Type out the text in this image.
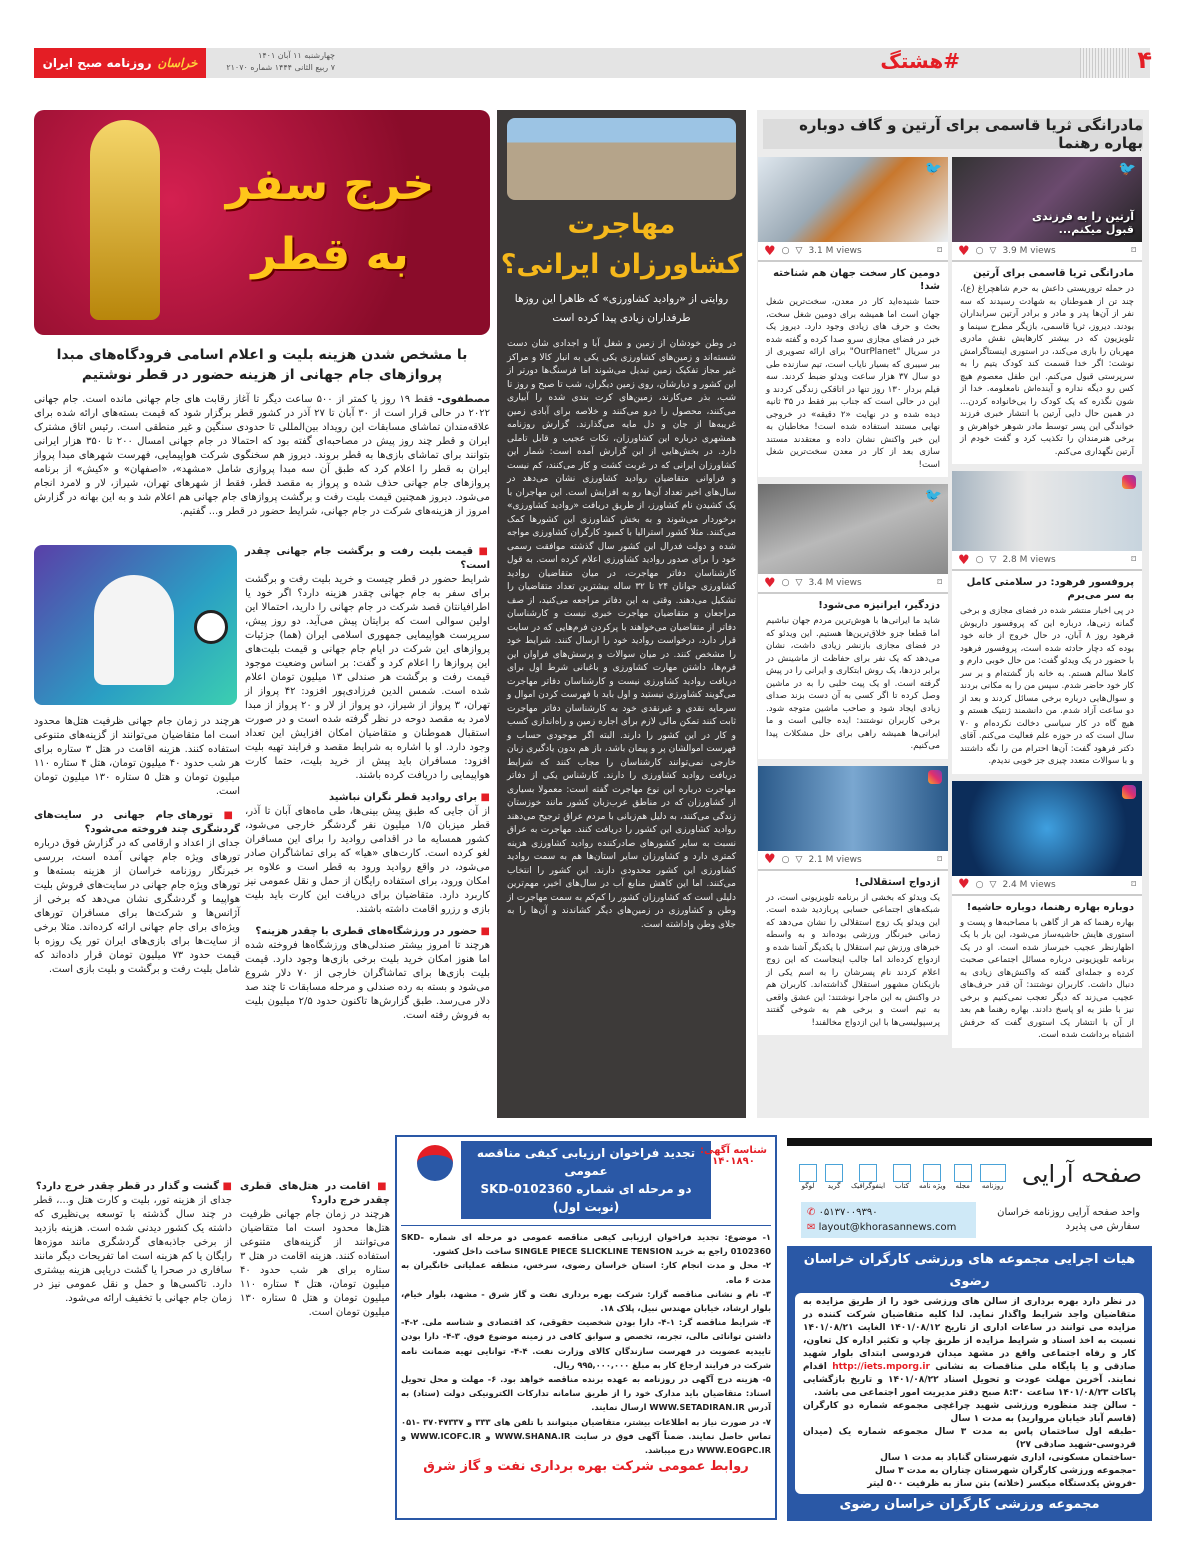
۴
#هشتگ
چهارشنبه ۱۱ آبان ۱۴۰۱
۷ ربیع الثانی ۱۴۴۴ شماره ۲۱۰۷۰
خراسان
روزنامه صبح ایران
مادرانگی ثریا قاسمی برای آرتین و گاف دوباره بهاره رهنما
🐦
آرتین را به فرزندی قبول میکنم...
♥ ○ ▽ 3.9 M views	⌑
مادرانگی ثریا قاسمی برای آرتین

در حمله تروریستی داعش به حرم شاهچراغ (ع)، چند تن از هموطنان به شهادت رسیدند که سه نفر از آن‌ها پدر و مادر و برادر آرتین سرابداران بودند. دیروز، ثریا قاسمی، بازیگر مطرح سینما و تلویزیون که در بیشتر کارهایش نقش مادری مهربان را بازی می‌کند، در استوری اینستاگرامش نوشت: اگر خدا قسمت کند کودک یتیم را به سرپرستی قبول می‌کنم. این طفل معصوم هیچ کس رو دیگه نداره و آینده‌اش نامعلومه. خدا از شون نگذره که یک کودک را بی‌خانواده کردن... در همین حال دایی آرتین با انتشار خبری فرزند خواندگی این پسر توسط مادر شوهر خواهرش و برخی هنرمندان را تکذیب کرد و گفت خودم از آرتین نگهداری می‌کنم.

♥ ○ ▽ 2.8 M views	⌑
پروفسور فرهود: در سلامتی کامل به سر می‌برم

در پی اخبار منتشر شده در فضای مجازی و برخی گمانه زنی‌ها، درباره این که پروفسور داریوش فرهود روز ۸ آبان، در حال خروج از خانه خود بوده که دچار حادثه شده است، پروفسور فرهود با حضور در یک ویدئو گفت: من حال خوبی دارم و کاملا سالم هستم. به خانه باز گشته‌ام و بر سر کار خود حاضر شدم. سپس من را به مکانی بردند و سوال‌هایی درباره برخی مسائل کردند و بعد از دو ساعت آزاد شدم. من دانشمند ژنتیک هستم و هیچ گاه در کار سیاسی دخالت نکرده‌ام و ۷۰ سال است که در حوزه علم فعالیت می‌کنم. آقای دکتر فرهود گفت: آن‌ها احترام من را نگه داشتند و با سوالات متعدد چیزی جز خوبی ندیدم.

♥ ○ ▽ 2.4 M views	⌑
دوباره بهاره رهنما، دوباره حاشیه!

بهاره رهنما که هر از گاهی با مصاحبه‌ها و پست و استوری هایش حاشیه‌ساز می‌شود، این بار با یک اظهارنظر عجیب خبرساز شده است. او در یک برنامه تلویزیونی درباره مسائل اجتماعی صحبت کرده و جمله‌ای گفته که واکنش‌های زیادی به دنبال داشت. کاربران نوشتند: آن قدر حرف‌های عجیب می‌زند که دیگر تعجب نمی‌کنیم و برخی نیز با طنز به او پاسخ دادند. بهاره رهنما هم بعد از آن با انتشار یک استوری گفت که حرفش اشتباه برداشت شده است.

🐦
♥ ○ ▽ 3.1 M views	⌑
دومین کار سخت جهان هم شناخته شد!

حتما شنیده‌اید کار در معدن، سخت‌ترین شغل جهان است اما همیشه برای دومین شغل سخت، بحث و حرف های زیادی وجود دارد. دیروز یک خبر در فضای مجازی سرو صدا کرده و گفته شده در سریال "OurPlanet" برای ارائه تصویری از ببر سیبری که بسیار نایاب است، تیم سازنده طی دو سال ۳۷ هزار ساعت ویدئو ضبط کردند. سه فیلم بردار ۱۳۰ روز تنها در اتاقکی زندگی کردند و این در حالی است که جناب ببر فقط در ۳۵ ثانیه دیده شده و در نهایت «۲ دقیقه» در خروجی نهایی مستند استفاده شده است! مخاطبان به این خبر واکنش نشان داده و معتقدند مستند سازی بعد از کار در معدن سخت‌ترین شغل است!

🐦
♥ ○ ▽ 3.4 M views	⌑
دزدگیر، ایرانیزه می‌شود!

شاید ما ایرانی‌ها با هوش‌ترین مردم جهان نباشیم اما قطعا جزو خلاق‌ترین‌ها هستیم. این ویدئو که در فضای مجازی بازنشر زیادی داشت، نشان می‌دهد که یک نفر برای حفاظت از ماشینش در برابر دزدها، یک روش ابتکاری و ایرانی را در پیش گرفته است. او یک پیت حلبی را به در ماشین وصل کرده تا اگر کسی به آن دست بزند صدای زیادی ایجاد شود و صاحب ماشین متوجه شود. برخی کاربران نوشتند: ایده جالبی است و ما ایرانی‌ها همیشه راهی برای حل مشکلات پیدا می‌کنیم.

♥ ○ ▽ 2.1 M views	⌑
ازدواج استقلالی!

یک ویدئو که بخشی از برنامه تلویزیونی است، در شبکه‌های اجتماعی حسابی پربازدید شده است. این ویدئو یک زوج استقلالی را نشان می‌دهد که زمانی خبرنگار ورزشی بوده‌اند و به واسطه خبرهای ورزش تیم استقلال با یکدیگر آشنا شده و ازدواج کرده‌اند اما جالب اینجاست که این زوج اعلام کردند نام پسرشان را به اسم یکی از بازیکنان مشهور استقلال گذاشته‌اند. کاربران هم در واکنش به این ماجرا نوشتند: این عشق واقعی به تیم است و برخی هم به شوخی گفتند پرسپولیسی‌ها با این ازدواج مخالفند!

مهاجرت
کشاورزان ایرانی؟
روایتی از «روادید کشاورزی» که ظاهرا این روزها طرفداران زیادی پیدا کرده است
در وطن خودشان از زمین و شغل آبا و اجدادی شان دست شسته‌اند و زمین‌های کشاورزی یکی یکی به انبار کالا و مراکز غیر مجاز تفکیک زمین تبدیل می‌شوند اما فرسنگ‌ها دورتر از این کشور و دیارشان، روی زمین دیگران، شب تا صبح و روز تا شب، بذر می‌کارند، زمین‌های کرت بندی شده را آبیاری می‌کنند، محصول را درو می‌کنند و خلاصه برای آبادی زمین غریبه‌ها از جان و دل مایه می‌گذارند. گزارش روزنامه همشهری درباره این کشاورزان، نکات عجیب و قابل تاملی دارد. در بخش‌هایی از این گزارش آمده است: شمار این کشاورزان ایرانی که در غربت کشت و کار می‌کنند، کم نیست و فراوانی متقاضیان روادید کشاورزی نشان می‌دهد در سال‌های اخیر تعداد آن‌ها رو به افزایش است. این مهاجران با یک کشیدن نام کشاورز، از طریق دریافت «روادید کشاورزی» برخوردار می‌شوند و به بخش کشاورزی این کشورها کمک می‌کنند. مثلا کشور استرالیا با کمبود کارگران کشاورزی مواجه شده و دولت فدرال این کشور سال گذشته موافقت رسمی خود را برای صدور روادید کشاورزی اعلام کرده است. به قول کارشناسان دفاتر مهاجرت، در میان متقاضیان روادید کشاورزی جوانان ۲۴ تا ۳۲ ساله بیشترین تعداد متقاضیان را تشکیل می‌دهند. وقتی به این دفاتر مراجعه می‌کنید، از صف مراجعان و متقاضیان مهاجرت خبری نیست و کارشناسان دفاتر از متقاضیان می‌خواهند با پرکردن فرم‌هایی که در سایت قرار دارد، درخواست روادید خود را ارسال کنند. شرایط خود را مشخص کنند. در میان سوالات و پرسش‌های فراوان این فرم‌ها، داشتن مهارت کشاورزی و باغبانی شرط اول برای دریافت روادید کشاورزی نیست و کارشناسان دفاتر مهاجرت می‌گویند کشاورزی نیستید و اول باید با فهرست کردن اموال و سرمایه نقدی و غیرنقدی خود به کارشناسان دفاتر مهاجرت ثابت کنند تمکن مالی لازم برای اجاره زمین و راه‌اندازی کسب و کار در این کشور را دارند. البته اگر موجودی حساب و فهرست اموالشان پر و پیمان باشد، باز هم بدون یادگیری زبان خارجی نمی‌توانند کارشناسان را مجاب کنند که شرایط دریافت روادید کشاورزی را دارند. کارشناس یکی از دفاتر مهاجرت درباره این نوع مهاجرت گفته است: معمولا بسیاری از کشاورزان که در مناطق عرب‌زبان کشور مانند خوزستان زندگی می‌کنند، به دلیل هم‌زبانی با مردم عراق ترجیح می‌دهند روادید کشاورزی این کشور را دریافت کنند. مهاجرت به عراق نسبت به سایر کشورهای صادرکننده روادید کشاورزی هزینه کمتری دارد و کشاورزان سایر استان‌ها هم به سمت روادید کشاورزی این کشور محدودی دارند. این کشور را انتخاب می‌کنند. اما این کاهش منابع آب در سال‌های اخیر، مهم‌ترین دلیلی است که کشاورزان کشور را کم‌کم به سمت مهاجرت از وطن و کشاورزی در زمین‌های دیگر کشاندند و آن‌ها را به جلای وطن واداشته است.
خرج سفر
به قطر
با مشخص شدن هزینه بلیت و اعلام اسامی فرودگاه‌های مبدا پروازهای جام جهانی از هزینه حضور در قطر نوشتیم
مصطفوی- فقط ۱۹ روز یا کمتر از ۵۰۰ ساعت دیگر تا آغاز رقابت های جام جهانی مانده است. جام جهانی ۲۰۲۲ در حالی قرار است از ۳۰ آبان تا ۲۷ آذر در کشور قطر برگزار شود که قیمت بسته‌های ارائه شده برای علاقه‌مندان تماشای مسابقات این رویداد بین‌المللی تا حدودی سنگین و غیر منطقی است. رئیس اتاق مشترک ایران و قطر چند روز پیش در مصاحبه‌ای گفته بود که احتمالا در جام جهانی امسال ۲۰۰ تا ۳۵۰ هزار ایرانی بتوانند برای تماشای بازی‌ها به قطر بروند. دیروز هم سخنگوی شرکت هواپیمایی، فهرست شهرهای مبدا پرواز ایران به قطر را اعلام کرد که طبق آن سه مبدا پروازی شامل «مشهد»، «اصفهان» و «کیش» از برنامه پروازهای جام جهانی حذف شده و پرواز به مقصد قطر، فقط از شهرهای تهران، شیراز، لار و لامرد انجام می‌شود. دیروز همچنین قیمت بلیت رفت و برگشت پروازهای جام جهانی هم اعلام شد و به این بهانه در گزارش امروز از هزینه‌های شرکت در جام جهانی، شرایط حضور در قطر و... گفتیم.
■ قیمت بلیت رفت و برگشت جام جهانی چقدر است؟
شرایط حضور در قطر چیست و خرید بلیت رفت و برگشت برای سفر به جام جهانی چقدر هزینه دارد؟ اگر خود یا اطرافیانتان قصد شرکت در جام جهانی را دارید، احتمالا این اولین سوالی است که برایتان پیش می‌آید. دو روز پیش، سرپرست هواپیمایی جمهوری اسلامی ایران (هما) جزئیات پروازهای این شرکت در ایام جام جهانی و قیمت بلیت‌های این پروازها را اعلام کرد و گفت: بر اساس وضعیت موجود قیمت رفت و برگشت هر صندلی ۱۳ میلیون تومان اعلام شده است. شمس الدین فرزادی‌پور افزود: ۴۲ پرواز از تهران، ۳ پرواز از شیراز، دو پرواز از لار و ۲۰ پرواز از مبدا لامرد به مقصد دوحه در نظر گرفته شده است و در صورت استقبال هموطنان و متقاضیان امکان افزایش این تعداد وجود دارد. او با اشاره به شرایط مقصد و فرایند تهیه بلیت افزود: مسافران باید پیش از خرید بلیت، حتما کارت هواپیمایی را دریافت کرده باشند.
■ برای روادید قطر نگران نباشید
از آن جایی که طبق پیش بینی‌ها، طی ماه‌های آبان تا آذر، قطر میزبان ۱/۵ میلیون نفر گردشگر خارجی می‌شود، کشور همسایه ما در اقدامی روادید را برای این مسافران لغو کرده است. کارت‌های «هیا» که برای تماشاگران صادر می‌شود، در واقع روادید ورود به قطر است و علاوه بر امکان ورود، برای استفاده رایگان از حمل و نقل عمومی نیز کاربرد دارد. متقاضیان برای دریافت این کارت باید بلیت بازی و رزرو اقامت داشته باشند.
■ حضور در ورزشگاه‌های قطری با چقدر هزینه؟
هرچند تا امروز بیشتر صندلی‌های ورزشگاه‌ها فروخته شده اما هنوز امکان خرید بلیت برخی بازی‌ها وجود دارد. قیمت بلیت بازی‌ها برای تماشاگران خارجی از ۷۰ دلار شروع می‌شود و بسته به رده صندلی و مرحله مسابقات تا چند صد دلار می‌رسد. طبق گزارش‌ها تاکنون حدود ۲/۵ میلیون بلیت به فروش رفته است.
هرچند در زمان جام جهانی ظرفیت هتل‌ها محدود است اما متقاضیان می‌توانند از گزینه‌های متنوعی استفاده کنند. هزینه اقامت در هتل ۳ ستاره برای هر شب حدود ۴۰ میلیون تومان، هتل ۴ ستاره ۱۱۰ میلیون تومان و هتل ۵ ستاره ۱۳۰ میلیون تومان است.
■ تورهای جام جهانی در سایت‌های گردشگری چند فروخته می‌شود؟
جدای از اعداد و ارقامی که در گزارش فوق درباره تورهای ویژه جام جهانی آمده است، بررسی خبرنگار روزنامه خراسان از هزینه بسته‌ها و تورهای ویژه جام جهانی در سایت‌های فروش بلیت هواپیما و گردشگری نشان می‌دهد که برخی از آژانس‌ها و شرکت‌ها برای مسافران تورهای ویژه‌ای برای جام جهانی ارائه کرده‌اند. مثلا برخی از سایت‌ها برای بازی‌های ایران تور یک روزه با قیمت حدود ۷۳ میلیون تومان قرار داده‌اند که شامل بلیت رفت و برگشت و بلیت بازی است.
■ اقامت در هتل‌های قطری چقدر خرج دارد؟
هرچند در زمان جام جهانی ظرفیت هتل‌ها محدود است اما متقاضیان می‌توانند از گزینه‌های متنوعی استفاده کنند. هزینه اقامت در هتل ۳ ستاره برای هر شب حدود ۴۰ میلیون تومان، هتل ۴ ستاره ۱۱۰ میلیون تومان و هتل ۵ ستاره ۱۳۰ میلیون تومان است.
■ گشت و گذار در قطر چقدر خرج دارد؟
جدای از هزینه تور، بلیت و کارت هتل و...، قطر در چند سال گذشته با توسعه بی‌نظیری که داشته یک کشور دیدنی شده است. هزینه بازدید از برخی جاذبه‌های گردشگری مانند موزه‌ها رایگان یا کم هزینه است اما تفریحات دیگر مانند سافاری در صحرا یا گشت دریایی هزینه بیشتری دارد. تاکسی‌ها و حمل و نقل عمومی نیز در زمان جام جهانی با تخفیف ارائه می‌شود.
شناسه آگهی:
۱۴۰۱۸۹۰
تجدید فراخوان ارزیابی کیفی مناقصه عمومی
دو مرحله ای شماره SKD-0102360
(نوبت اول)

۱- موضوع: تجدید فراخوان ارزیابی کیفی مناقصه عمومی دو مرحله ای شماره SKD-0102360 راجع به خرید SINGLE PIECE SLICKLINE TENSION ساخت داخل کشور.

۲- محل و مدت انجام کار: استان خراسان رضوی، سرخس، منطقه عملیاتی خانگیران به مدت ۶ ماه.

۳- نام و نشانی مناقصه گزار: شرکت بهره برداری نفت و گاز شرق - مشهد، بلوار خیام، بلوار ارشاد، خیابان مهندس نبیل، پلاک ۱۸.

۴- شرایط مناقصه گر: ۱-۴- دارا بودن شخصیت حقوقی، کد اقتصادی و شناسه ملی. ۲-۴- داشتن توانائی مالی، تجربه، تخصص و سوابق کافی در زمینه موضوع فوق. ۳-۴- دارا بودن تاییدیه عضویت در فهرست سازندگان کالای وزارت نفت. ۴-۴- توانایی تهیه ضمانت نامه شرکت در فرایند ارجاع کار به مبلغ ۹۹۵,۰۰۰,۰۰۰ ریال.

۵- هزینه درج آگهی در روزنامه به عهده برنده مناقصه خواهد بود. ۶- مهلت و محل تحویل اسناد: متقاضیان باید مدارک خود را از طریق سامانه تدارکات الکترونیکی دولت (ستاد) به آدرس WWW.SETADIRAN.IR ارسال نمایند.

۷- در صورت نیاز به اطلاعات بیشتر، متقاضیان میتوانند با تلفن های ۳۳۳ و ۳۷۰۴۷۳۳۷ -۰۵۱ تماس حاصل نمایند. ضمناً آگهی فوق در سایت WWW.SHANA.IR و WWW.ICOFC.IR و WWW.EOGPC.IR درج میباشد.

روابط عمومی شرکت بهره برداری نفت و گاز شرق
صفحه آرایی
لوگو	گرید	اینفوگرافیک کتاب ویژه نامه مجله	روزنامه
✆ ۰۵۱۳۷۰۰۹۳۹۰
✉ layout@khorasannews.com
واحد صفحه آرایی روزنامه خراسان سفارش می پذیرد
هیات اجرایی مجموعه های ورزشی کارگران خراسان رضوی
در نظر دارد بهره برداری از سالن های ورزشی خود را از طریق مزایده به متقاضیان واجد شرایط واگذار نماید. لذا کلیه متقاضیان شرکت کننده در مزایده می توانند در ساعات اداری از تاریخ ۱۴۰۱/۰۸/۱۲ الغایت ۱۴۰۱/۰۸/۲۱ نسبت به اخذ اسناد و شرایط مزایده از طریق چاپ و تکثیر اداره کل تعاون، کار و رفاه اجتماعی واقع در مشهد میدان فردوسی ابتدای بلوار شهید صادقی و یا پایگاه ملی مناقصات به نشانی http://iets.mporg.ir اقدام نمایند. آخرین مهلت عودت و تحویل اسناد ۱۴۰۱/۰۸/۲۲ و تاریخ بازگشایی پاکات ۱۴۰۱/۰۸/۲۳ ساعت ۸:۳۰ صبح دفتر مدیریت امور اجتماعی می باشد.
- سالن چند منظوره ورزشی شهید چراغچی مجموعه شماره دو کارگران (قاسم آباد خیابان مروارید) به مدت ۱ سال
-طبقه اول ساختمان پاس به مدت ۳ سال مجموعه شماره یک (میدان فردوسی-شهید صادقی ۲۷)
-ساختمان مسکونی، اداری شهرستان گناباد به مدت ۱ سال
-مجموعه ورزشی کارگران شهرستان چناران به مدت ۳ سال
-فروش یکدستگاه میکسر (خلاته) بتن ساز به ظرفیت ۵۰۰ لیتر
مجموعه ورزشی کارگران خراسان رضوی
